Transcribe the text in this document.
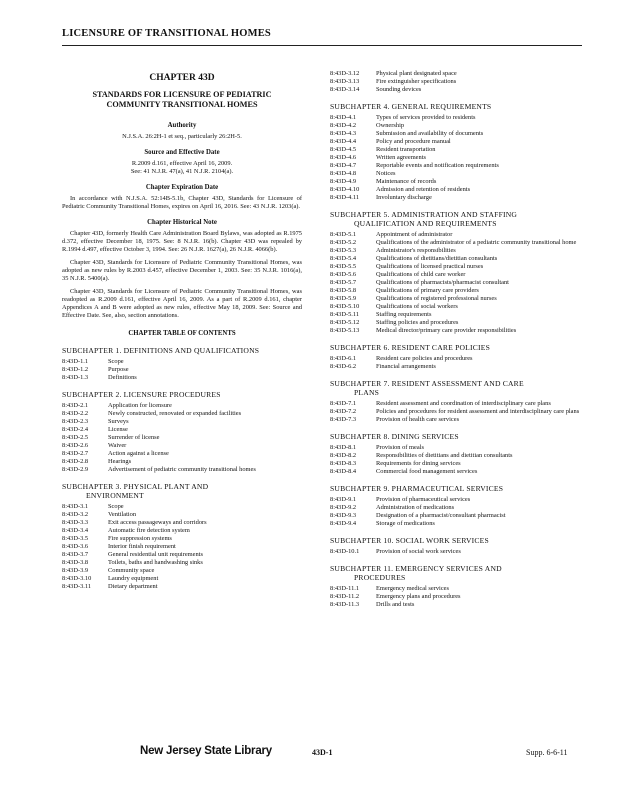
LICENSURE OF TRANSITIONAL HOMES
CHAPTER 43D
STANDARDS FOR LICENSURE OF PEDIATRIC
COMMUNITY TRANSITIONAL HOMES
Authority
N.J.S.A. 26:2H-1 et seq., particularly 26:2H-5.
Source and Effective Date
R.2009 d.161, effective April 16, 2009.
See: 41 N.J.R. 47(a), 41 N.J.R. 2104(a).
Chapter Expiration Date

In accordance with N.J.S.A. 52:14B-5.1b, Chapter 43D, Standards for Licensure of Pediatric Community Transitional Homes, expires on April 16, 2016. See: 43 N.J.R. 1203(a).

Chapter Historical Note

Chapter 43D, formerly Health Care Administration Board Bylaws, was adopted as R.1975 d.372, effective December 18, 1975. See: 8 N.J.R. 16(b). Chapter 43D was repealed by R.1994 d.497, effective October 3, 1994. See: 26 N.J.R. 1627(a), 26 N.J.R. 4066(b).

Chapter 43D, Standards for Licensure of Pediatric Community Transitional Homes, was adopted as new rules by R.2003 d.457, effective December 1, 2003. See: 35 N.J.R. 1016(a), 35 N.J.R. 5400(a).

Chapter 43D, Standards for Licensure of Pediatric Community Transitional Homes, was readopted as R.2009 d.161, effective April 16, 2009. As a part of R.2009 d.161, chapter Appendices A and B were adopted as new rules, effective May 18, 2009. See: Source and Effective Date. See, also, section annotations.

CHAPTER TABLE OF CONTENTS
SUBCHAPTER 1. DEFINITIONS AND QUALIFICATIONS
8:43D-1.1	Scope
8:43D-1.2	Purpose
8:43D-1.3	Definitions
SUBCHAPTER 2. LICENSURE PROCEDURES
8:43D-2.1	Application for licensure
8:43D-2.2	Newly constructed, renovated or expanded facilities
8:43D-2.3	Surveys
8:43D-2.4	License
8:43D-2.5	Surrender of license
8:43D-2.6	Waiver
8:43D-2.7	Action against a license
8:43D-2.8	Hearings
8:43D-2.9	Advertisement of pediatric community transitional homes
SUBCHAPTER 3. PHYSICAL PLANT AND
ENVIRONMENT
8:43D-3.1	Scope
8:43D-3.2	Ventilation
8:43D-3.3	Exit access passageways and corridors
8:43D-3.4	Automatic fire detection system
8:43D-3.5	Fire suppression systems
8:43D-3.6	Interior finish requirement
8:43D-3.7	General residential unit requirements
8:43D-3.8	Toilets, baths and handwashing sinks
8:43D-3.9	Community space
8:43D-3.10	Laundry equipment
8:43D-3.11	Dietary department
8:43D-3.12	Physical plant designated space
8:43D-3.13	Fire extinguisher specifications
8:43D-3.14	Sounding devices
SUBCHAPTER 4. GENERAL REQUIREMENTS
8:43D-4.1	Types of services provided to residents
8:43D-4.2	Ownership
8:43D-4.3	Submission and availability of documents
8:43D-4.4	Policy and procedure manual
8:43D-4.5	Resident transportation
8:43D-4.6	Written agreements
8:43D-4.7	Reportable events and notification requirements
8:43D-4.8	Notices
8:43D-4.9	Maintenance of records
8:43D-4.10	Admission and retention of residents
8:43D-4.11	Involuntary discharge
SUBCHAPTER 5. ADMINISTRATION AND STAFFING
QUALIFICATION AND REQUIREMENTS
8:43D-5.1	Appointment of administrator
8:43D-5.2	Qualifications of the administrator of a pediatric community transitional home
8:43D-5.3	Administrator's responsibilities
8:43D-5.4	Qualifications of dietitians/dietitian consultants
8:43D-5.5	Qualifications of licensed practical nurses
8:43D-5.6	Qualifications of child care worker
8:43D-5.7	Qualifications of pharmacists/pharmacist consultant
8:43D-5.8	Qualifications of primary care providers
8:43D-5.9	Qualifications of registered professional nurses
8:43D-5.10	Qualifications of social workers
8:43D-5.11	Staffing requirements
8:43D-5.12	Staffing policies and procedures
8:43D-5.13	Medical director/primary care provider responsibilities
SUBCHAPTER 6. RESIDENT CARE POLICIES
8:43D-6.1	Resident care policies and procedures
8:43D-6.2	Financial arrangements
SUBCHAPTER 7. RESIDENT ASSESSMENT AND CARE
PLANS
8:43D-7.1	Resident assessment and coordination of interdisciplinary care plans
8:43D-7.2	Policies and procedures for resident assessment and interdisciplinary care plans
8:43D-7.3	Provision of health care services
SUBCHAPTER 8. DINING SERVICES
8:43D-8.1	Provision of meals
8:43D-8.2	Responsibilities of dietitians and dietitian consultants
8:43D-8.3	Requirements for dining services
8:43D-8.4	Commercial food management services
SUBCHAPTER 9. PHARMACEUTICAL SERVICES
8:43D-9.1	Provision of pharmaceutical services
8:43D-9.2	Administration of medications
8:43D-9.3	Designation of a pharmacist/consultant pharmacist
8:43D-9.4	Storage of medications
SUBCHAPTER 10. SOCIAL WORK SERVICES
8:43D-10.1	Provision of social work services
SUBCHAPTER 11. EMERGENCY SERVICES AND
PROCEDURES
8:43D-11.1	Emergency medical services
8:43D-11.2	Emergency plans and procedures
8:43D-11.3	Drills and tests
New Jersey State Library	43D-1	Supp. 6-6-11
